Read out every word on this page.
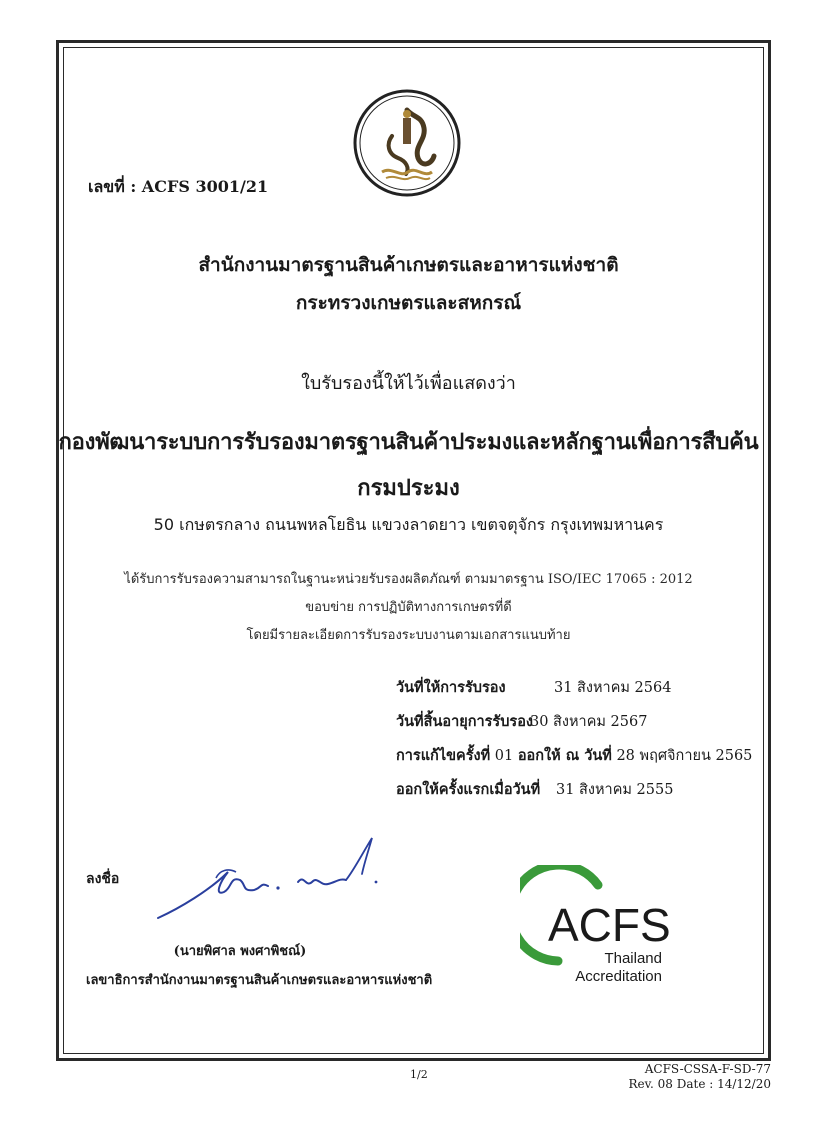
เลขที่ : ACFS 3001/21
สำนักงานมาตรฐานสินค้าเกษตรและอาหารแห่งชาติ
กระทรวงเกษตรและสหกรณ์
ใบรับรองนี้ให้ไว้เพื่อแสดงว่า
กองพัฒนาระบบการรับรองมาตรฐานสินค้าประมงและหลักฐานเพื่อการสืบค้น
กรมประมง
50 เกษตรกลาง ถนนพหลโยธิน แขวงลาดยาว เขตจตุจักร กรุงเทพมหานคร
ได้รับการรับรองความสามารถในฐานะหน่วยรับรองผลิตภัณฑ์ ตามมาตรฐาน ISO/IEC 17065 : 2012
ขอบข่าย การปฏิบัติทางการเกษตรที่ดี
โดยมีรายละเอียดการรับรองระบบงานตามเอกสารแนบท้าย
วันที่ให้การรับรอง	31 สิงหาคม 2564
วันที่สิ้นอายุการรับรอง
30 สิงหาคม 2567
การแก้ไขครั้งที่ 01 ออกให้ ณ วันที่ 28 พฤศจิกายน 2565
ออกให้ครั้งแรกเมื่อวันที่ 31 สิงหาคม 2555
ลงชื่อ
(นายพิศาล พงศาพิชณ์)
เลขาธิการสำนักงานมาตรฐานสินค้าเกษตรและอาหารแห่งชาติ
ACFS
Thailand
Accreditation
1/2	ACFS-CSSA-F-SD-77
Rev. 08 Date : 14/12/20
